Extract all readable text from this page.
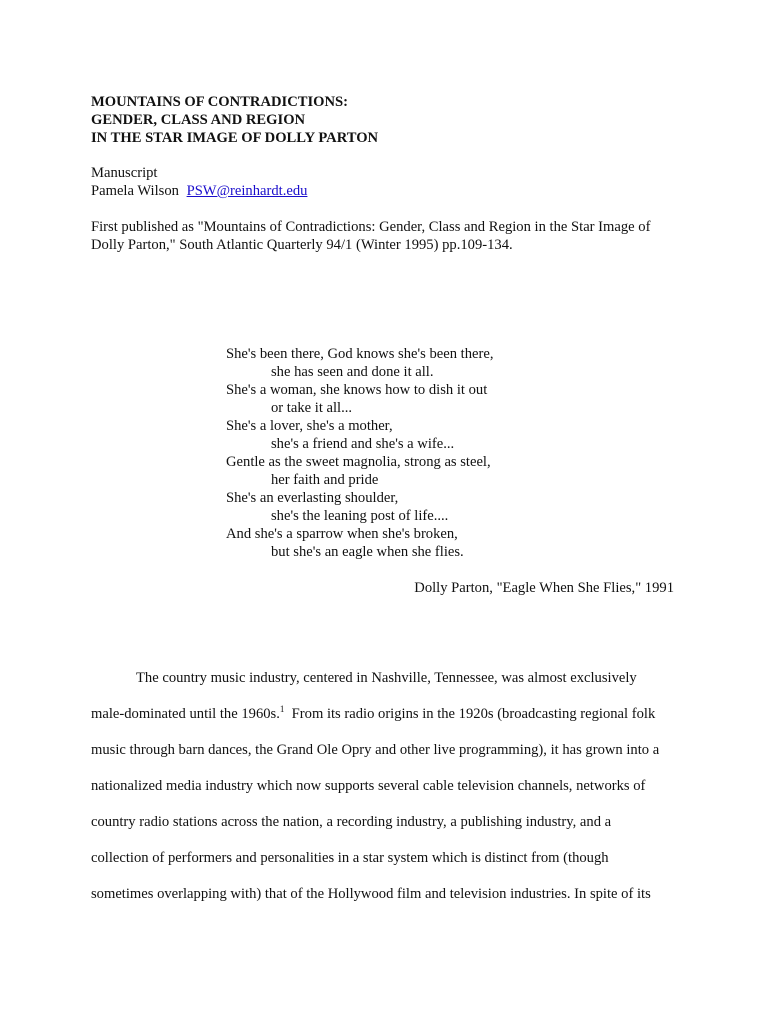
MOUNTAINS OF CONTRADICTIONS:
GENDER, CLASS AND REGION
IN THE STAR IMAGE OF DOLLY PARTON
Manuscript
Pamela Wilson PSW@reinhardt.edu
First published as "Mountains of Contradictions: Gender, Class and Region in the Star Image of
Dolly Parton," South Atlantic Quarterly 94/1 (Winter 1995) pp.109-134.
She's been there, God knows she's been there,
she has seen and done it all.
She's a woman, she knows how to dish it out
or take it all...
She's a lover, she's a mother,
she's a friend and she's a wife...
Gentle as the sweet magnolia, strong as steel,
her faith and pride
She's an everlasting shoulder,
she's the leaning post of life....
And she's a sparrow when she's broken,
but she's an eagle when she flies.
Dolly Parton, "Eagle When She Flies," 1991
The country music industry, centered in Nashville, Tennessee, was almost exclusively
male-dominated until the 1960s.$^1$  From its radio origins in the 1920s (broadcasting regional folk
music through barn dances, the Grand Ole Opry and other live programming), it has grown into a
nationalized media industry which now supports several cable television channels, networks of
country radio stations across the nation, a recording industry, a publishing industry, and a
collection of performers and personalities in a star system which is distinct from (though
sometimes overlapping with) that of the Hollywood film and television industries. In spite of its
